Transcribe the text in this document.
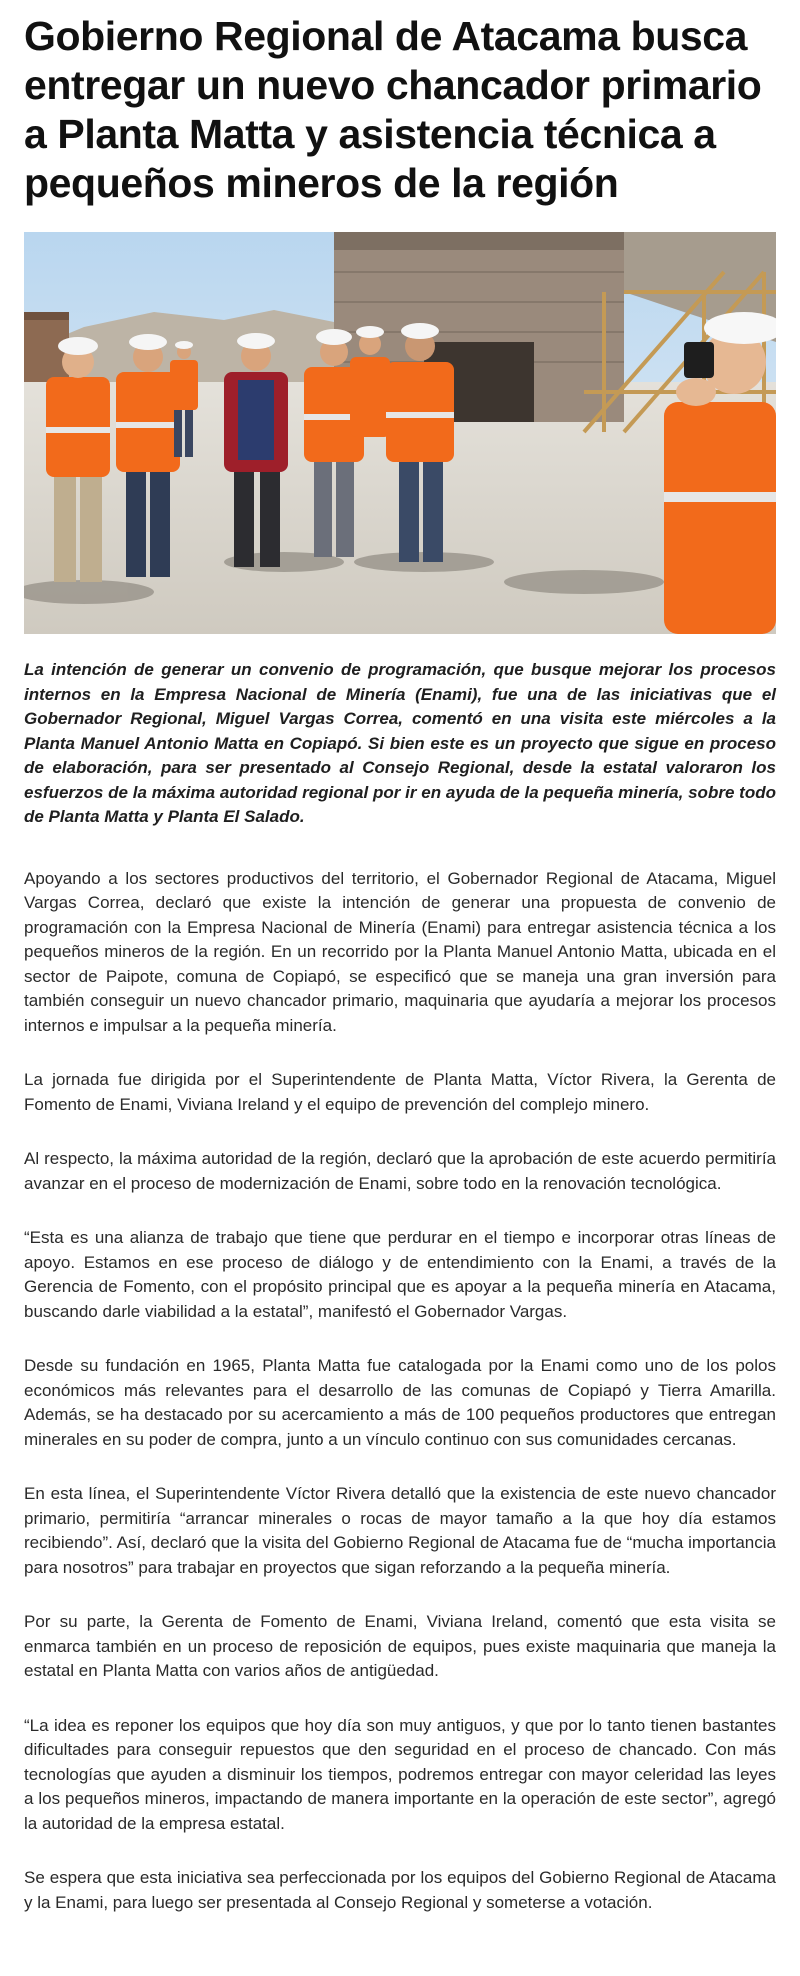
Gobierno Regional de Atacama busca entregar un nuevo chancador primario a Planta Matta y asistencia técnica a pequeños mineros de la región

La intención de generar un convenio de programación, que busque mejorar los procesos internos en la Empresa Nacional de Minería (Enami), fue una de las iniciativas que el Gobernador Regional, Miguel Vargas Correa, comentó en una visita este miércoles a la Planta Manuel Antonio Matta en Copiapó. Si bien este es un proyecto que sigue en proceso de elaboración, para ser presentado al Consejo Regional, desde la estatal valoraron los esfuerzos de la máxima autoridad regional por ir en ayuda de la pequeña minería, sobre todo de Planta Matta y Planta El Salado.

Apoyando a los sectores productivos del territorio, el Gobernador Regional de Atacama, Miguel Vargas Correa, declaró que existe la intención de generar una propuesta de convenio de programación con la Empresa Nacional de Minería (Enami) para entregar asistencia técnica a los pequeños mineros de la región. En un recorrido por la Planta Manuel Antonio Matta, ubicada en el sector de Paipote, comuna de Copiapó, se especificó que se maneja una gran inversión para también conseguir un nuevo chancador primario, maquinaria que ayudaría a mejorar los procesos internos e impulsar a la pequeña minería.

La jornada fue dirigida por el Superintendente de Planta Matta, Víctor Rivera, la Gerenta de Fomento de Enami, Viviana Ireland y el equipo de prevención del complejo minero.

Al respecto, la máxima autoridad de la región, declaró que la aprobación de este acuerdo permitiría avanzar en el proceso de modernización de Enami, sobre todo en la renovación tecnológica.

“Esta es una alianza de trabajo que tiene que perdurar en el tiempo e incorporar otras líneas de apoyo. Estamos en ese proceso de diálogo y de entendimiento con la Enami, a través de la Gerencia de Fomento, con el propósito principal que es apoyar a la pequeña minería en Atacama, buscando darle viabilidad a la estatal”, manifestó el Gobernador Vargas.

Desde su fundación en 1965, Planta Matta fue catalogada por la Enami como uno de los polos económicos más relevantes para el desarrollo de las comunas de Copiapó y Tierra Amarilla. Además, se ha destacado por su acercamiento a más de 100 pequeños productores que entregan minerales en su poder de compra, junto a un vínculo continuo con sus comunidades cercanas.

En esta línea, el Superintendente Víctor Rivera detalló que la existencia de este nuevo chancador primario, permitiría “arrancar minerales o rocas de mayor tamaño a la que hoy día estamos recibiendo”. Así, declaró que la visita del Gobierno Regional de Atacama fue de “mucha importancia para nosotros” para trabajar en proyectos que sigan reforzando a la pequeña minería.

Por su parte, la Gerenta de Fomento de Enami, Viviana Ireland, comentó que esta visita se enmarca también en un proceso de reposición de equipos, pues existe maquinaria que maneja la estatal en Planta Matta con varios años de antigüedad.

“La idea es reponer los equipos que hoy día son muy antiguos, y que por lo tanto tienen bastantes dificultades para conseguir repuestos que den seguridad en el proceso de chancado. Con más tecnologías que ayuden a disminuir los tiempos, podremos entregar con mayor celeridad las leyes a los pequeños mineros, impactando de manera importante en la operación de este sector”, agregó la autoridad de la empresa estatal.

Se espera que esta iniciativa sea perfeccionada por los equipos del Gobierno Regional de Atacama y la Enami, para luego ser presentada al Consejo Regional y someterse a votación.
